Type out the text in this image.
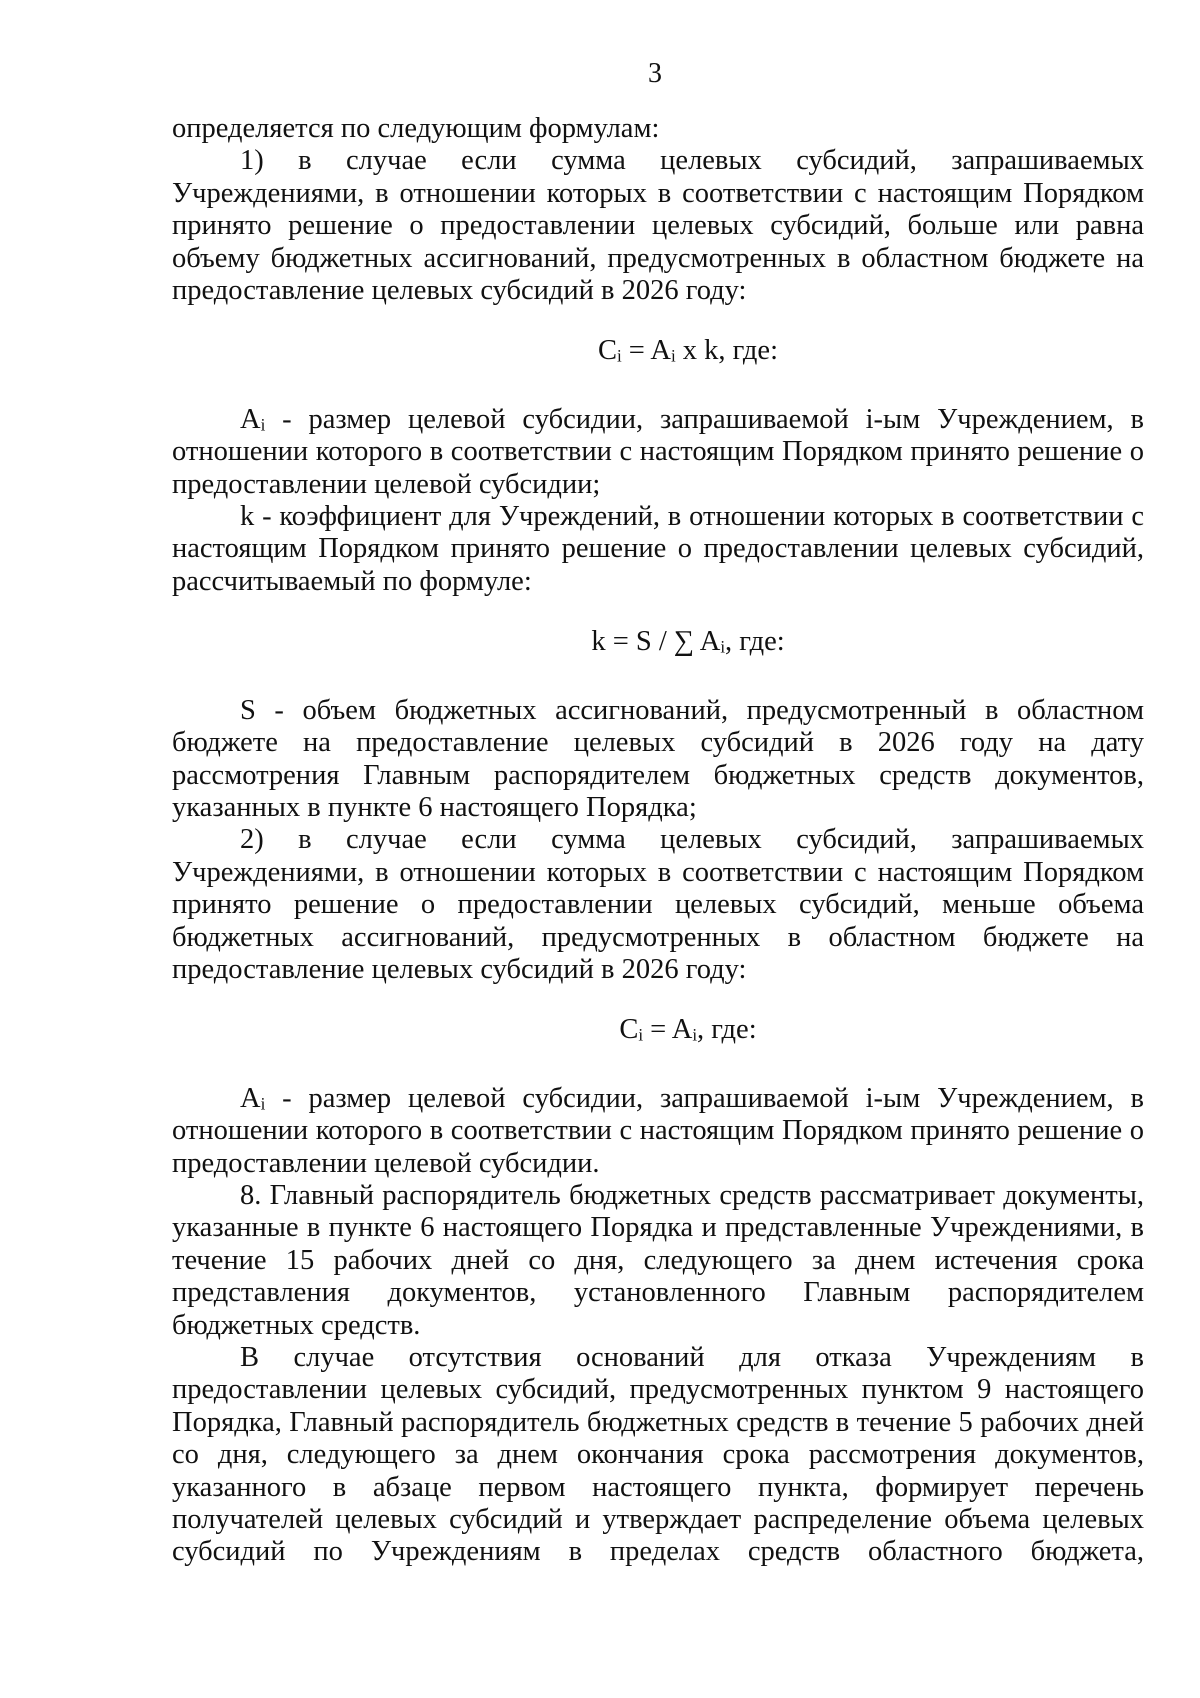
3

определяется по следующим формулам:

1) в случае если сумма целевых субсидий, запрашиваемых Учреждениями, в отношении которых в соответствии с настоящим Порядком принято решение о предоставлении целевых субсидий, больше или равна объему бюджетных ассигнований, предусмотренных в областном бюджете на предоставление целевых субсидий в 2026 году:

Cᵢ = Aᵢ x k, где:

Aᵢ - размер целевой субсидии, запрашиваемой i-ым Учреждением, в отношении которого в соответствии с настоящим Порядком принято решение о предоставлении целевой субсидии;

k - коэффициент для Учреждений, в отношении которых в соответствии с настоящим Порядком принято решение о предоставлении целевых субсидий, рассчитываемый по формуле:

k = S / ∑ Aᵢ, где:

S - объем бюджетных ассигнований, предусмотренный в областном бюджете на предоставление целевых субсидий в 2026 году на дату рассмотрения Главным распорядителем бюджетных средств документов, указанных в пункте 6 настоящего Порядка;

2) в случае если сумма целевых субсидий, запрашиваемых Учреждениями, в отношении которых в соответствии с настоящим Порядком принято решение о предоставлении целевых субсидий, меньше объема бюджетных ассигнований, предусмотренных в областном бюджете на предоставление целевых субсидий в 2026 году:

Cᵢ = Aᵢ, где:

Aᵢ - размер целевой субсидии, запрашиваемой i-ым Учреждением, в отношении которого в соответствии с настоящим Порядком принято решение о предоставлении целевой субсидии.

8. Главный распорядитель бюджетных средств рассматривает документы, указанные в пункте 6 настоящего Порядка и представленные Учреждениями, в течение 15 рабочих дней со дня, следующего за днем истечения срока представления документов, установленного Главным распорядителем бюджетных средств.

В случае отсутствия оснований для отказа Учреждениям в предоставлении целевых субсидий, предусмотренных пунктом 9 настоящего Порядка, Главный распорядитель бюджетных средств в течение 5 рабочих дней со дня, следующего за днем окончания срока рассмотрения документов, указанного в абзаце первом настоящего пункта, формирует перечень получателей целевых субсидий и утверждает распределение объема целевых субсидий по Учреждениям в пределах средств областного бюджета,
